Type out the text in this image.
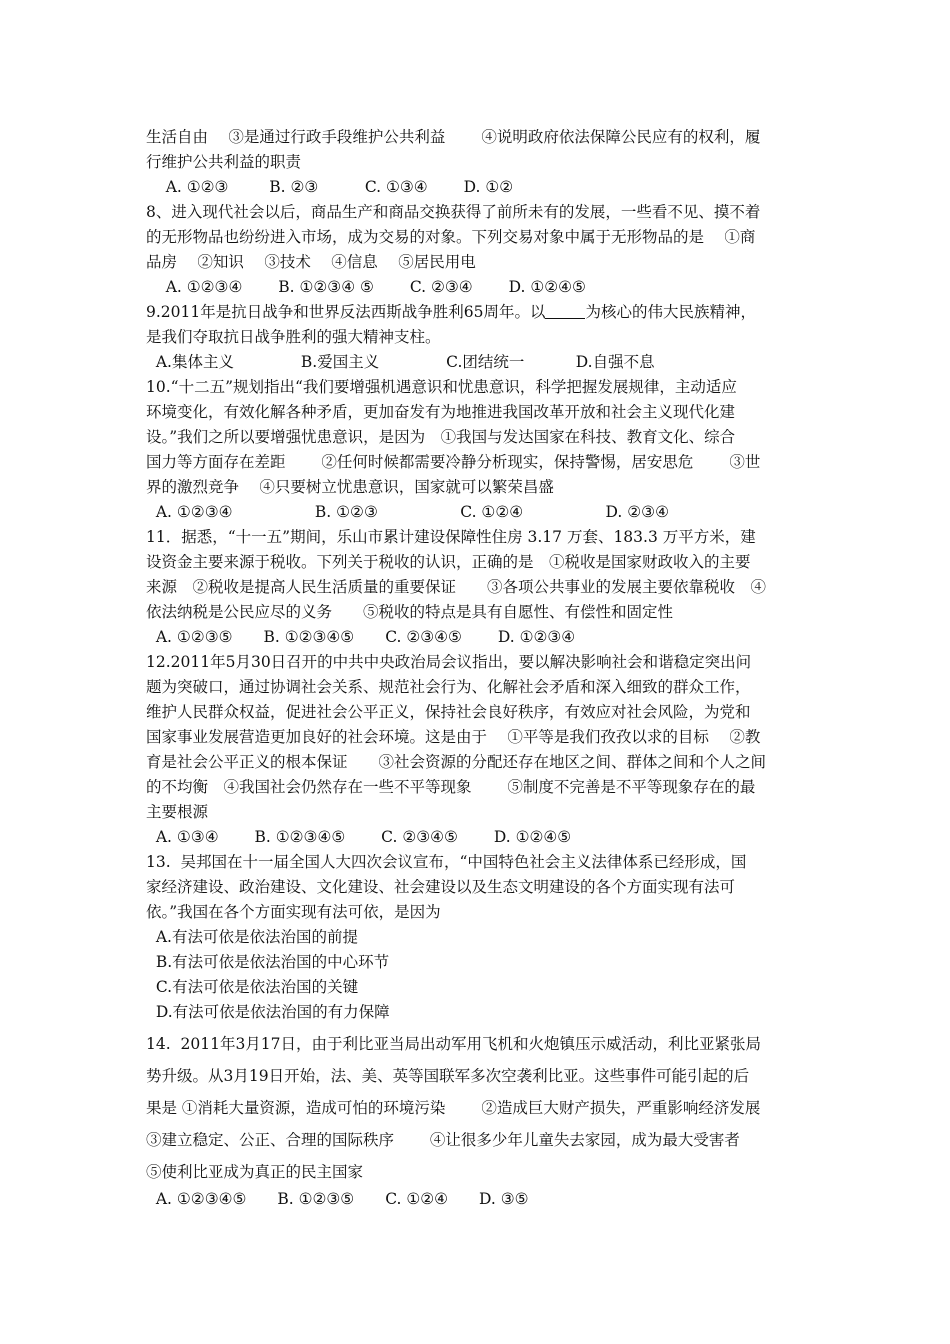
生活自由　 ③是通过行政手段维护公共利益　　 ④说明政府依法保障公民应有的权利，履
行维护公共利益的职责
A. ①②③　　  B. ②③　　　C. ①③④　　 D. ①②
8、进入现代社会以后，商品生产和商品交换获得了前所未有的发展，一些看不见、摸不着
的无形物品也纷纷进入市场，成为交易的对象。下列交易对象中属于无形物品的是　 ①商
品房　 ②知识　 ③技术　 ④信息　 ⑤居民用电
A. ①②③④　　 B. ①②③④ ⑤　　 C. ②③④　　 D. ①②④⑤
9.2011年是抗日战争和世界反法西斯战争胜利65周年。以	为核心的伟大民族精神，
是我们夺取抗日战争胜利的强大精神支柱。
A.集体主义　　　　 B.爱国主义　　　　 C.团结统一　　　 D.自强不息
10.“十二五”规划指出“我们要增强机遇意识和忧患意识，科学把握发展规律，主动适应
环境变化，有效化解各种矛盾，更加奋发有为地推进我国改革开放和社会主义现代化建
设。”我们之所以要增强忧患意识，是因为　①我国与发达国家在科技、教育文化、综合
国力等方面存在差距　　 ②任何时候都需要冷静分析现实，保持警惕，居安思危　　 ③世
界的激烈竞争　 ④只要树立忧患意识，国家就可以繁荣昌盛
A. ①②③④　　　　　 B. ①②③　　　　　 C. ①②④　　　　　 D. ②③④
11．据悉，“十一五”期间，乐山市累计建设保障性住房 3.17 万套、183.3 万平方米，建
设资金主要来源于税收。下列关于税收的认识，正确的是　①税收是国家财政收入的主要
来源　②税收是提高人民生活质量的重要保证　　③各项公共事业的发展主要依靠税收　④
依法纳税是公民应尽的义务　　⑤税收的特点是具有自愿性、有偿性和固定性
A. ①②③⑤　　B. ①②③④⑤　　C. ②③④⑤　　 D. ①②③④
12.2011年5月30日召开的中共中央政治局会议指出，要以解决影响社会和谐稳定突出问
题为突破口，通过协调社会关系、规范社会行为、化解社会矛盾和深入细致的群众工作，
维护人民群众权益，促进社会公平正义，保持社会良好秩序，有效应对社会风险，为党和
国家事业发展营造更加良好的社会环境。这是由于　 ①平等是我们孜孜以求的目标　 ②教
育是社会公平正义的根本保证　　③社会资源的分配还存在地区之间、群体之间和个人之间
的不均衡　④我国社会仍然存在一些不平等现象　　 ⑤制度不完善是不平等现象存在的最
主要根源
A. ①③④　　 B. ①②③④⑤　　 C. ②③④⑤　　 D. ①②④⑤
13.  吴邦国在十一届全国人大四次会议宣布，“中国特色社会主义法律体系已经形成，国
家经济建设、政治建设、文化建设、社会建设以及生态文明建设的各个方面实现有法可
依。”我国在各个方面实现有法可依，是因为
A.有法可依是依法治国的前提
B.有法可依是依法治国的中心环节
C.有法可依是依法治国的关键
D.有法可依是依法治国的有力保障
14.  2011年3月17日，由于利比亚当局出动军用飞机和火炮镇压示威活动，利比亚紧张局
势升级。从3月19日开始，法、美、英等国联军多次空袭利比亚。这些事件可能引起的后
果是 ①消耗大量资源，造成可怕的环境污染　　 ②造成巨大财产损失，严重影响经济发展
③建立稳定、公正、合理的国际秩序　　 ④让很多少年儿童失去家园，成为最大受害者
⑤使利比亚成为真正的民主国家
A. ①②③④⑤　　B. ①②③⑤　　C. ①②④　　D. ③⑤
